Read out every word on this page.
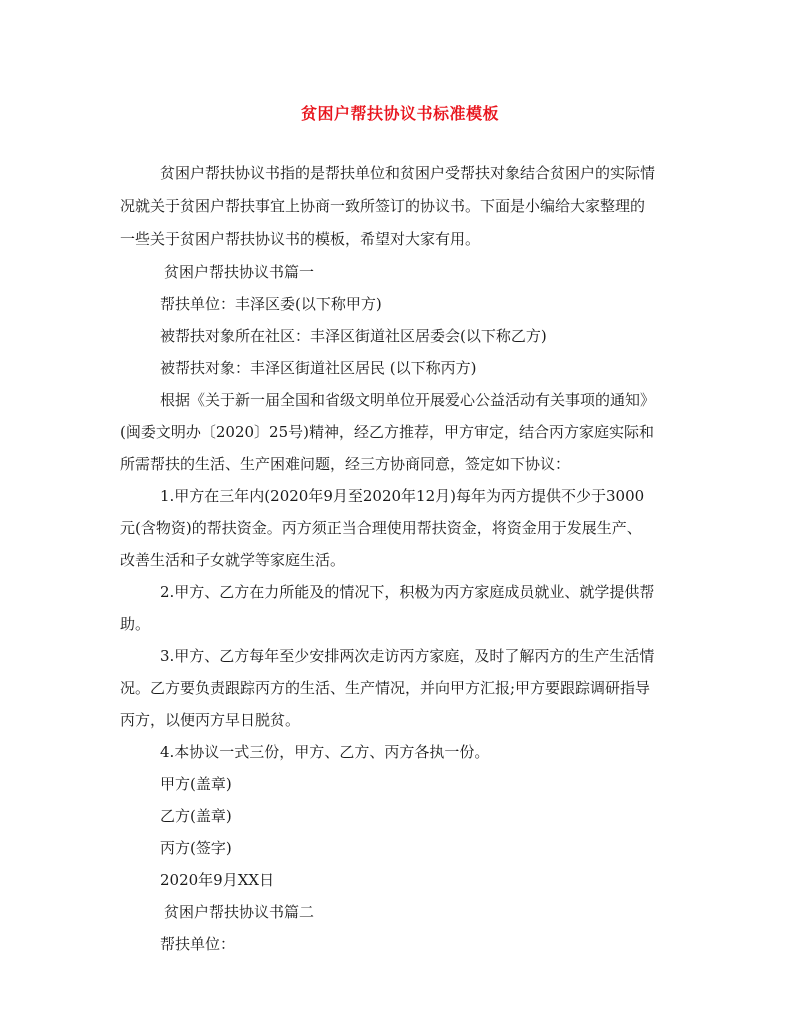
贫困户帮扶协议书标准模板
贫困户帮扶协议书指的是帮扶单位和贫困户受帮扶对象结合贫困户的实际情
况就关于贫困户帮扶事宜上协商一致所签订的协议书。下面是小编给大家整理的
一些关于贫困户帮扶协议书的模板，希望对大家有用。
贫困户帮扶协议书篇一
帮扶单位：丰泽区委(以下称甲方)
被帮扶对象所在社区：丰泽区街道社区居委会(以下称乙方)
被帮扶对象：丰泽区街道社区居民 (以下称丙方)
根据《关于新一届全国和省级文明单位开展爱心公益活动有关事项的通知》
(闽委文明办〔2020〕25号)精神，经乙方推荐，甲方审定，结合丙方家庭实际和
所需帮扶的生活、生产困难问题，经三方协商同意，签定如下协议：
1.甲方在三年内(2020年9月至2020年12月)每年为丙方提供不少于3000
元(含物资)的帮扶资金。丙方须正当合理使用帮扶资金，将资金用于发展生产、
改善生活和子女就学等家庭生活。
2.甲方、乙方在力所能及的情况下，积极为丙方家庭成员就业、就学提供帮
助。
3.甲方、乙方每年至少安排两次走访丙方家庭，及时了解丙方的生产生活情
况。乙方要负责跟踪丙方的生活、生产情况，并向甲方汇报;甲方要跟踪调研指导
丙方，以便丙方早日脱贫。
4.本协议一式三份，甲方、乙方、丙方各执一份。
甲方(盖章)
乙方(盖章)
丙方(签字)
2020年9月XX日
贫困户帮扶协议书篇二
帮扶单位：
